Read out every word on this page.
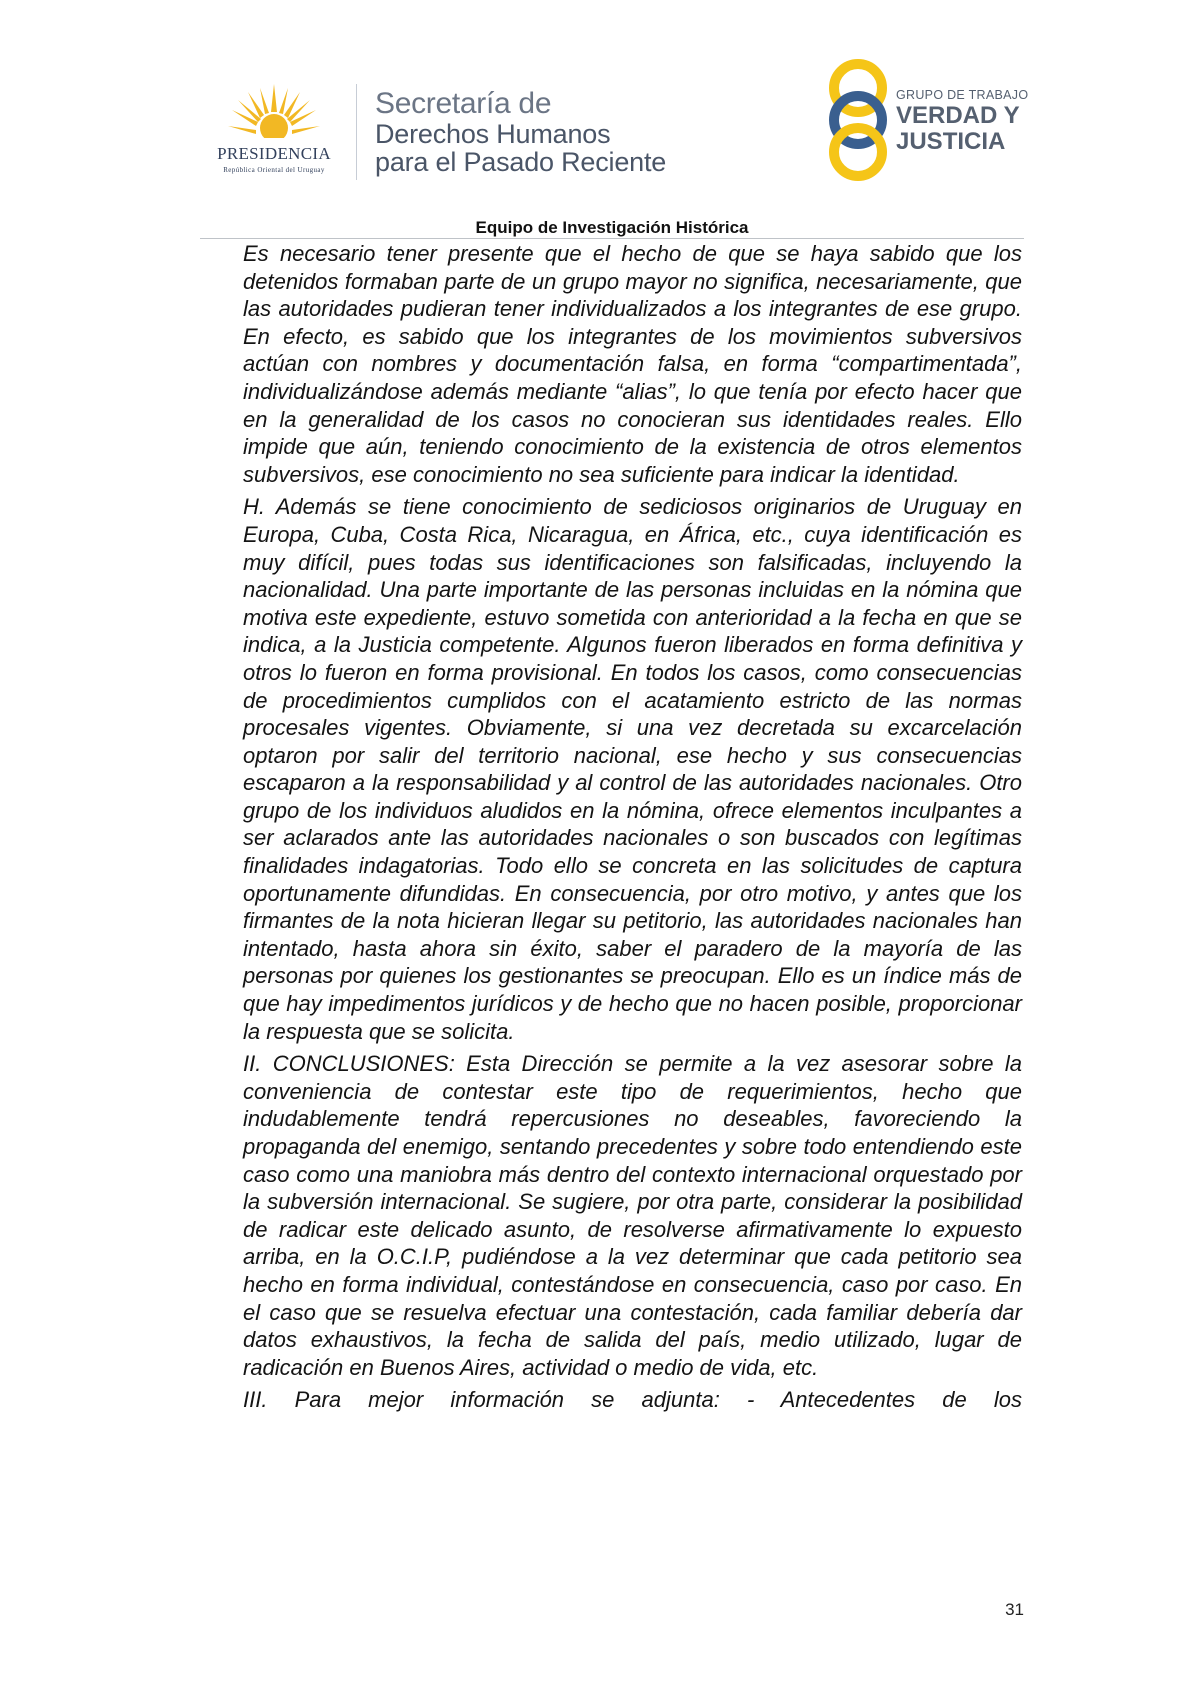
PRESIDENCIA
República Oriental del Uruguay
Secretaría de
Derechos Humanos
para el Pasado Reciente
GRUPO DE TRABAJO
VERDAD Y
JUSTICIA
Equipo de Investigación Histórica

Es necesario tener presente que el hecho de que se haya sabido que los detenidos formaban parte de un grupo mayor no significa, necesariamente, que las autoridades pudieran tener individualizados a los integrantes de ese grupo. En efecto, es sabido que los integrantes de los movimientos subversivos actúan con nombres y documentación falsa, en forma “compartimentada”, individualizándose además mediante “alias”, lo que tenía por efecto hacer que en la generalidad de los casos no conocieran sus identidades reales. Ello impide que aún, teniendo conocimiento de la existencia de otros elementos subversivos, ese conocimiento no sea suficiente para indicar la identidad.

H. Además se tiene conocimiento de sediciosos originarios de Uruguay en Europa, Cuba, Costa Rica, Nicaragua, en África, etc., cuya identificación es muy difícil, pues todas sus identificaciones son falsificadas, incluyendo la nacionalidad. Una parte importante de las personas incluidas en la nómina que motiva este expediente, estuvo sometida con anterioridad a la fecha en que se indica, a la Justicia competente. Algunos fueron liberados en forma definitiva y otros lo fueron en forma provisional. En todos los casos, como consecuencias de procedimientos cumplidos con el acatamiento estricto de las normas procesales vigentes. Obviamente, si una vez decretada su excarcelación optaron por salir del territorio nacional, ese hecho y sus consecuencias escaparon a la responsabilidad y al control de las autoridades nacionales. Otro grupo de los individuos aludidos en la nómina, ofrece elementos inculpantes a ser aclarados ante las autoridades nacionales o son buscados con legítimas finalidades indagatorias. Todo ello se concreta en las solicitudes de captura oportunamente difundidas. En consecuencia, por otro motivo, y antes que los firmantes de la nota hicieran llegar su petitorio, las autoridades nacionales han intentado, hasta ahora sin éxito, saber el paradero de la mayoría de las personas por quienes los gestionantes se preocupan. Ello es un índice más de que hay impedimentos jurídicos y de hecho que no hacen posible, proporcionar la respuesta que se solicita.

II. CONCLUSIONES: Esta Dirección se permite a la vez asesorar sobre la conveniencia de contestar este tipo de requerimientos, hecho que indudablemente tendrá repercusiones no deseables, favoreciendo la propaganda del enemigo, sentando precedentes y sobre todo entendiendo este caso como una maniobra más dentro del contexto internacional orquestado por la subversión internacional. Se sugiere, por otra parte, considerar la posibilidad de radicar este delicado asunto, de resolverse afirmativamente lo expuesto arriba, en la O.C.I.P, pudiéndose a la vez determinar que cada petitorio sea hecho en forma individual, contestándose en consecuencia, caso por caso. En el caso que se resuelva efectuar una contestación, cada familiar debería dar datos exhaustivos, la fecha de salida del país, medio utilizado, lugar de radicación en Buenos Aires, actividad o medio de vida, etc.

III. Para mejor información se adjunta: - Antecedentes de los

31
